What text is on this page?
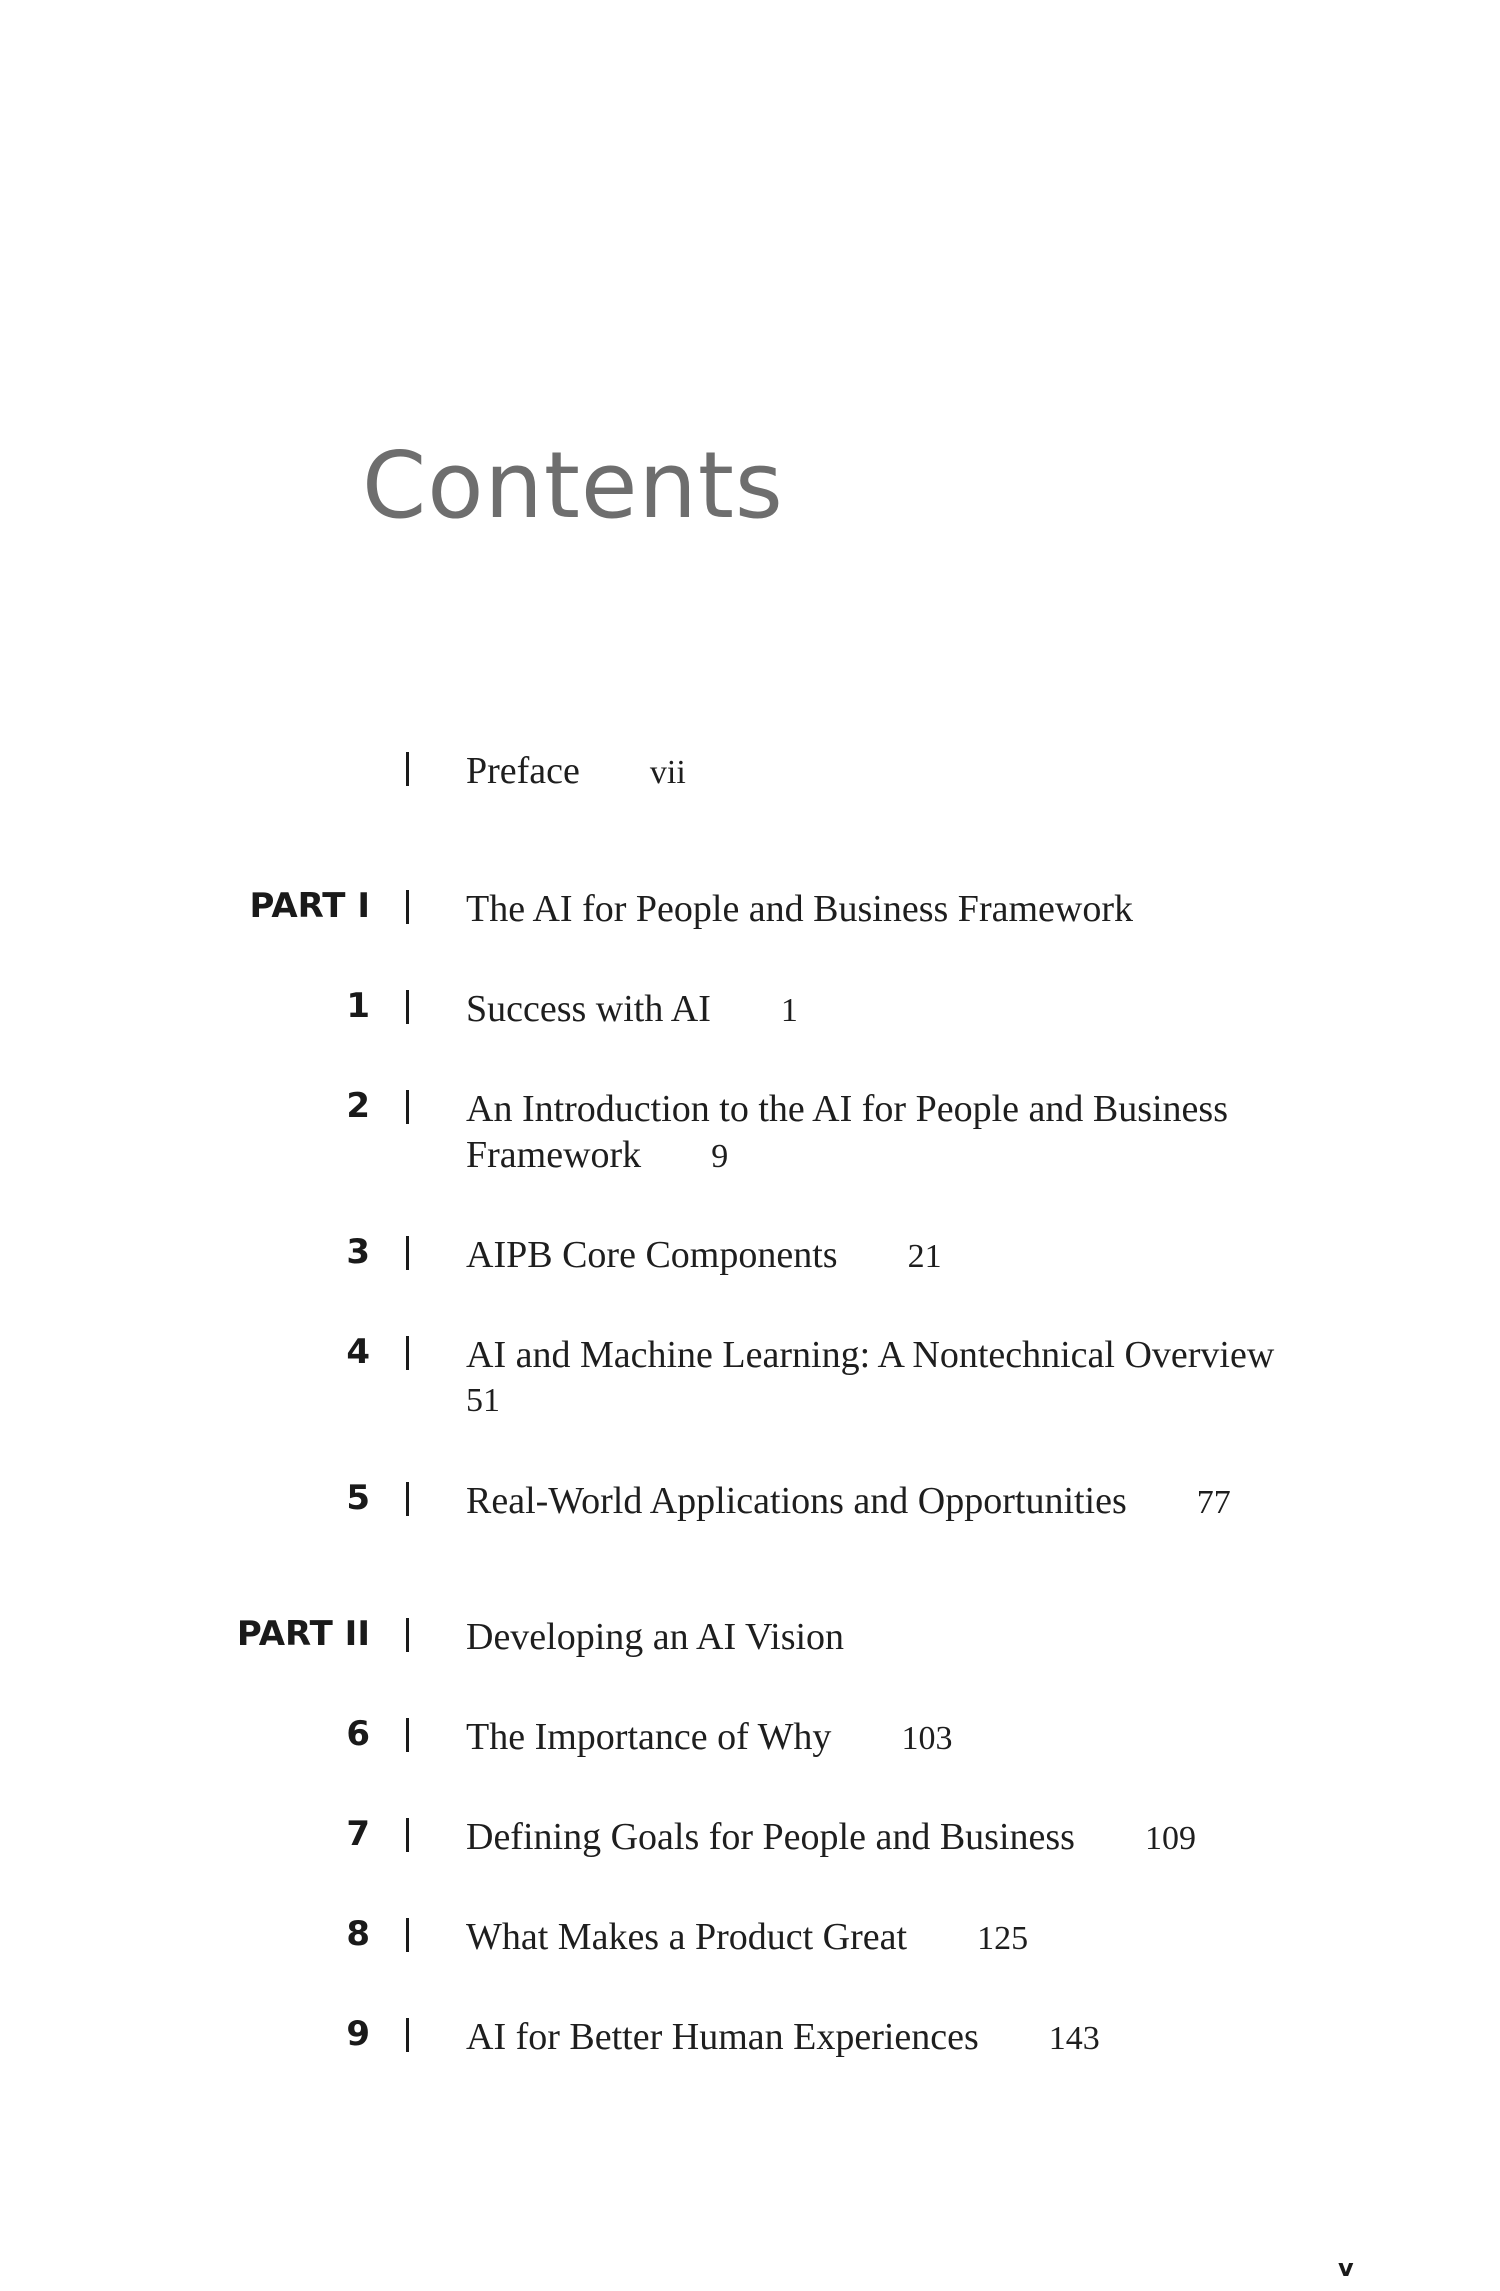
Contents
Preface vii
PART I	The AI for People and Business Framework
1	Success with AI 1
2	An Introduction to the AI for People and Business Framework 9
3	AIPB Core Components 21
4	AI and Machine Learning: A Nontechnical Overview
51
5	Real-World Applications and Opportunities 77
PART II	Developing an AI Vision
6	The Importance of Why 103
7	Defining Goals for People and Business 109
8	What Makes a Product Great 125
9	AI for Better Human Experiences 143
v
